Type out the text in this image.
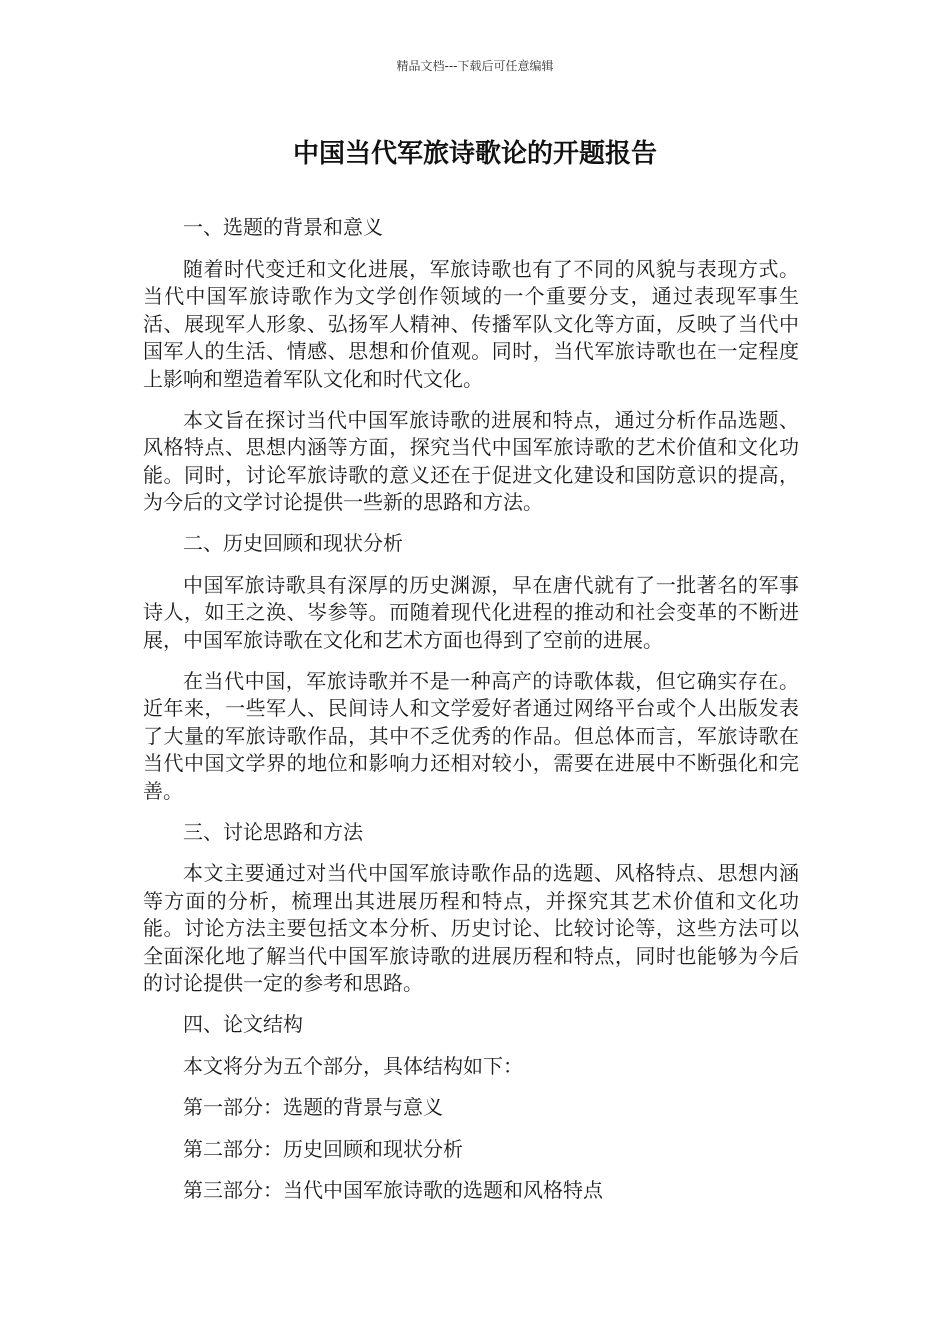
精品文档---下载后可任意编辑
中国当代军旅诗歌论的开题报告

一、选题的背景和意义

随着时代变迁和文化进展，军旅诗歌也有了不同的风貌与表现方式。当代中国军旅诗歌作为文学创作领域的一个重要分支，通过表现军事生活、展现军人形象、弘扬军人精神、传播军队文化等方面，反映了当代中国军人的生活、情感、思想和价值观。同时，当代军旅诗歌也在一定程度上影响和塑造着军队文化和时代文化。

本文旨在探讨当代中国军旅诗歌的进展和特点，通过分析作品选题、风格特点、思想内涵等方面，探究当代中国军旅诗歌的艺术价值和文化功能。同时，讨论军旅诗歌的意义还在于促进文化建设和国防意识的提高，为今后的文学讨论提供一些新的思路和方法。

二、历史回顾和现状分析

中国军旅诗歌具有深厚的历史渊源，早在唐代就有了一批著名的军事诗人，如王之涣、岑参等。而随着现代化进程的推动和社会变革的不断进展，中国军旅诗歌在文化和艺术方面也得到了空前的进展。

在当代中国，军旅诗歌并不是一种高产的诗歌体裁，但它确实存在。近年来，一些军人、民间诗人和文学爱好者通过网络平台或个人出版发表了大量的军旅诗歌作品，其中不乏优秀的作品。但总体而言，军旅诗歌在当代中国文学界的地位和影响力还相对较小，需要在进展中不断强化和完善。

三、讨论思路和方法

本文主要通过对当代中国军旅诗歌作品的选题、风格特点、思想内涵等方面的分析，梳理出其进展历程和特点，并探究其艺术价值和文化功能。讨论方法主要包括文本分析、历史讨论、比较讨论等，这些方法可以全面深化地了解当代中国军旅诗歌的进展历程和特点，同时也能够为今后的讨论提供一定的参考和思路。

四、论文结构

本文将分为五个部分，具体结构如下：

第一部分：选题的背景与意义

第二部分：历史回顾和现状分析

第三部分：当代中国军旅诗歌的选题和风格特点
